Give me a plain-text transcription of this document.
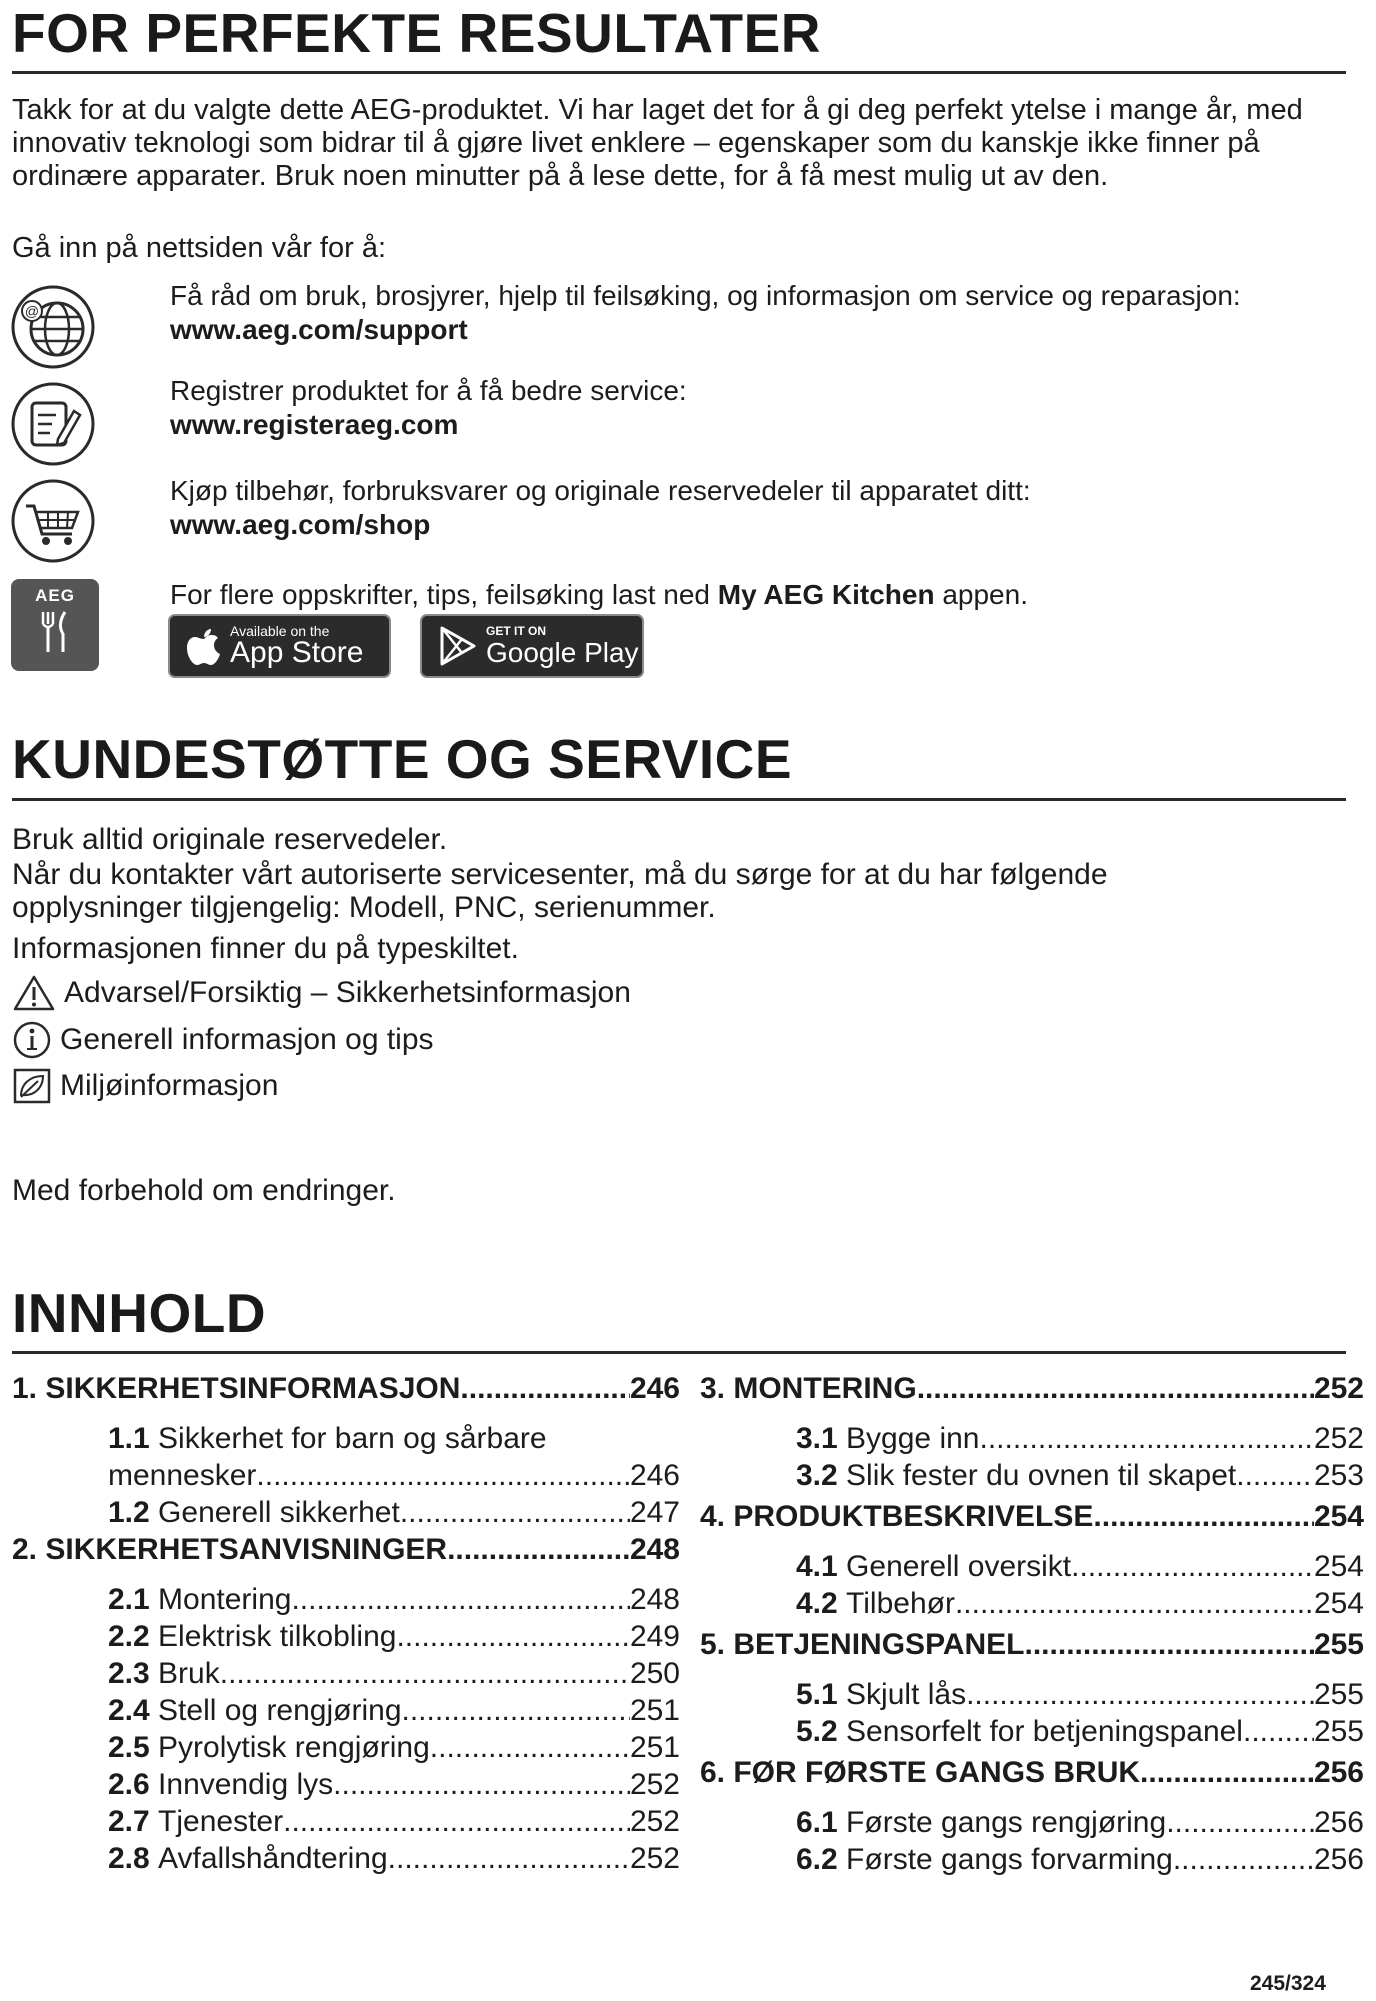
FOR PERFEKTE RESULTATER
Takk for at du valgte dette AEG-produktet. Vi har laget det for å gi deg perfekt ytelse i mange år, med innovativ teknologi som bidrar til å gjøre livet enklere – egenskaper som du kanskje ikke finner på ordinære apparater. Bruk noen minutter på å lese dette, for å få mest mulig ut av den.
Gå inn på nettsiden vår for å:
@	Få råd om bruk, brosjyrer, hjelp til feilsøking, og informasjon om service og reparasjon:
www.aeg.com/support
Registrer produktet for å få bedre service:
www.registeraeg.com
Kjøp tilbehør, forbruksvarer og originale reservedeler til apparatet ditt:
www.aeg.com/shop
AEG	For flere oppskrifter, tips, feilsøking last ned My AEG Kitchen appen.
Available on the
App Store
GET IT ON
Google Play
KUNDESTØTTE OG SERVICE
Bruk alltid originale reservedeler.
Når du kontakter vårt autoriserte servicesenter, må du sørge for at du har følgende opplysninger tilgjengelig: Modell, PNC, serienummer.
Informasjonen finner du på typeskiltet.
Advarsel/Forsiktig – Sikkerhetsinformasjon
Generell informasjon og tips
Miljøinformasjon
Med forbehold om endringer.
INNHOLD
1. SIKKERHETSINFORMASJON .....	246
1.1 Sikkerhet for barn og sårbare
mennesker .....	246
1.2 Generell sikkerhet .....	247
2. SIKKERHETSANVISNINGER .....	248
2.1 Montering .....	248
2.2 Elektrisk tilkobling .....	249
2.3 Bruk .....	250
2.4 Stell og rengjøring .....	251
2.5 Pyrolytisk rengjøring .....	251
2.6 Innvendig lys .....	252
2.7 Tjenester .....	252
2.8 Avfallshåndtering .....	252
3. MONTERING .....	252
3.1 Bygge inn .....	252
3.2 Slik fester du ovnen til skapet .....	253
4. PRODUKTBESKRIVELSE .....	254
4.1 Generell oversikt .....	254
4.2 Tilbehør .....	254
5. BETJENINGSPANEL .....	255
5.1 Skjult lås .....	255
5.2 Sensorfelt for betjeningspanel ..... 255
6. FØR FØRSTE GANGS BRUK .....	256
6.1 Første gangs rengjøring .....	256
6.2 Første gangs forvarming .....	256
245/324
